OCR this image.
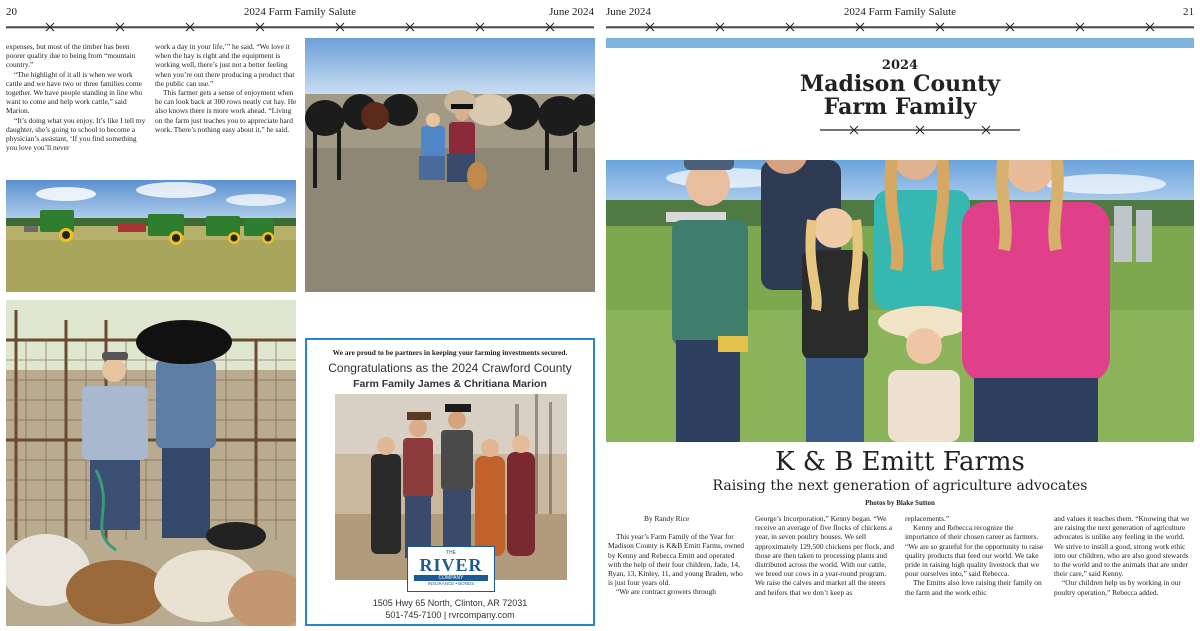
20	2024 Farm Family Salute	June 2024

expenses, but most of the timber has been poorer quality due to being from “mountain country.”

“The highlight of it all is when we work cattle and we have two or three families come together. We have people standing in line who want to come and help work cattle,” said Marion.

“It’s doing what you enjoy. It’s like I tell my daughter, she’s going to school to become a physician’s assistant, ‘If you find something you love you’ll never

work a day in your life,’” he said. “We love it when the hay is right and the equipment is working well, there’s just not a better feeling when you’re out there producing a product that the public can use.”

This farmer gets a sense of enjoyment when he can look back at 300 rows neatly cut hay. He also knows there is more work ahead. “Living on the farm just teaches you to appreciate hard work. There’s nothing easy about it,” he said.

We are proud to be partners in keeping your farming investments secured.
Congratulations as the 2024 Crawford County
Farm Family James & Chritiana Marion
THE
RIVER
COMPANY
INSURANCE • BONDS
1505 Hwy 65 North, Clinton, AR 72031
501-745-7100 | rvrcompany.com
June 2024	2024 Farm Family Salute	21
2024
Madison County
Farm Family
K & B Emitt Farms
Raising the next generation of agriculture advocates
Photos by Blake Sutton

By Randy Rice

This year’s Farm Family of the Year for Madison County is K&B Emitt Farms, owned by Kenny and Rebecca Emitt and operated with the help of their four children, Jade, 14, Ryan, 13, Kinley, 11, and young Braden, who is just four years old.

“We are contract growers through

George’s Incorporation,” Kenny began. “We receive an average of five flocks of chickens a year, in seven poultry houses. We sell approximately 129,500 chickens per flock, and those are then taken to processing plants and distributed across the world. With our cattle, we breed our cows in a year-round program. We raise the calves and market all the steers and heifers that we don’t keep as

replacements.”

Kenny and Rebecca recognize the importance of their chosen career as farmers. “We are so grateful for the opportunity to raise quality products that feed our world. We take pride in raising high quality livestock that we pour ourselves into,” said Rebecca.

The Emitts also love raising their family on the farm and the work ethic

and values it teaches them. “Knowing that we are raising the next generation of agriculture advocates is unlike any feeling in the world. We strive to instill a good, strong work ethic into our children, who are also good stewards to the world and to the animals that are under their care,” said Kenny.

“Our children help us by working in our poultry operation,” Rebecca added.
